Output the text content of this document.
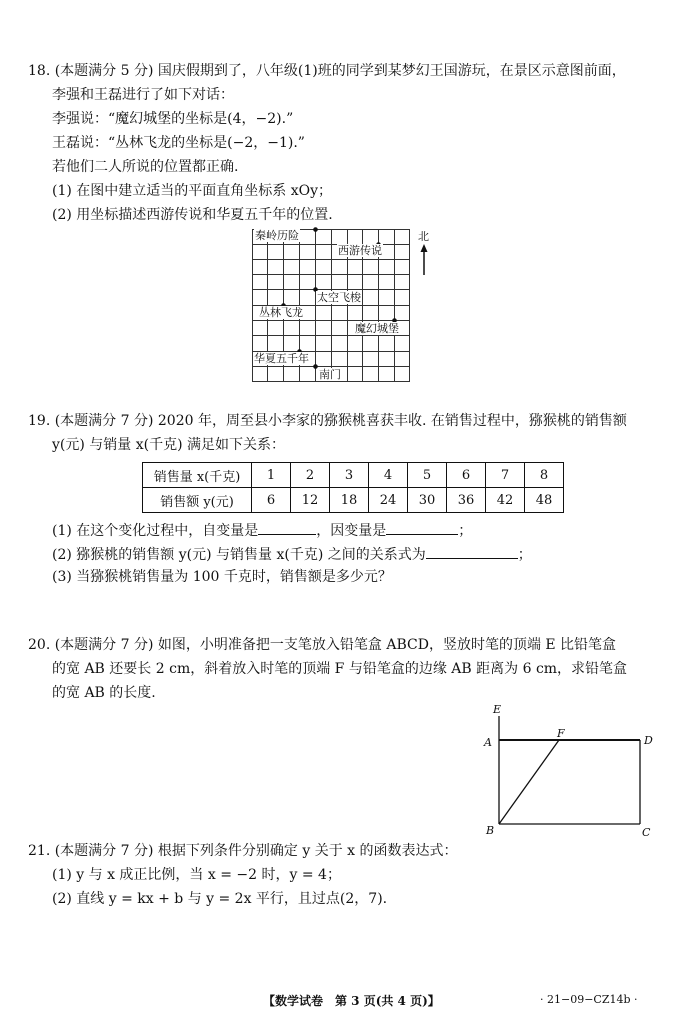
18. (本题满分 5 分) 国庆假期到了，八年级(1)班的同学到某梦幻王国游玩，在景区示意图前面，
李强和王磊进行了如下对话：
李强说：“魔幻城堡的坐标是(4，−2).”
王磊说：“丛林飞龙的坐标是(−2，−1).”
若他们二人所说的位置都正确.
(1) 在图中建立适当的平面直角坐标系 xOy；
(2) 用坐标描述西游传说和华夏五千年的位置.
秦岭历险
西游传说
太空飞梭
丛林飞龙
魔幻城堡
华夏五千年
南门
北
19. (本题满分 7 分) 2020 年，周至县小李家的猕猴桃喜获丰收. 在销售过程中，猕猴桃的销售额
y(元) 与销量 x(千克) 满足如下关系：
销售量 x(千克)	1	2	3	4	5	6	7	8
销售额 y(元)	6	12	18	24	30	36	42	48
(1) 在这个变化过程中，自变量是	，因变量是	；
(2) 猕猴桃的销售额 y(元) 与销售量 x(千克) 之间的关系式为	；
(3) 当猕猴桃销售量为 100 千克时，销售额是多少元？
20. (本题满分 7 分) 如图，小明准备把一支笔放入铅笔盒 ABCD，竖放时笔的顶端 E 比铅笔盒
的宽 AB 还要长 2 cm，斜着放入时笔的顶端 F 与铅笔盒的边缘 AB 距离为 6 cm，求铅笔盒
的宽 AB 的长度.
E
A
F
D
B	C
21. (本题满分 7 分) 根据下列条件分别确定 y 关于 x 的函数表达式：
(1) y 与 x 成正比例，当 x = −2 时，y = 4；
(2) 直线 y = kx + b 与 y = 2x 平行，且过点(2，7).
【数学试卷　第 3 页(共 4 页)】	· 21−09−CZ14b ·
